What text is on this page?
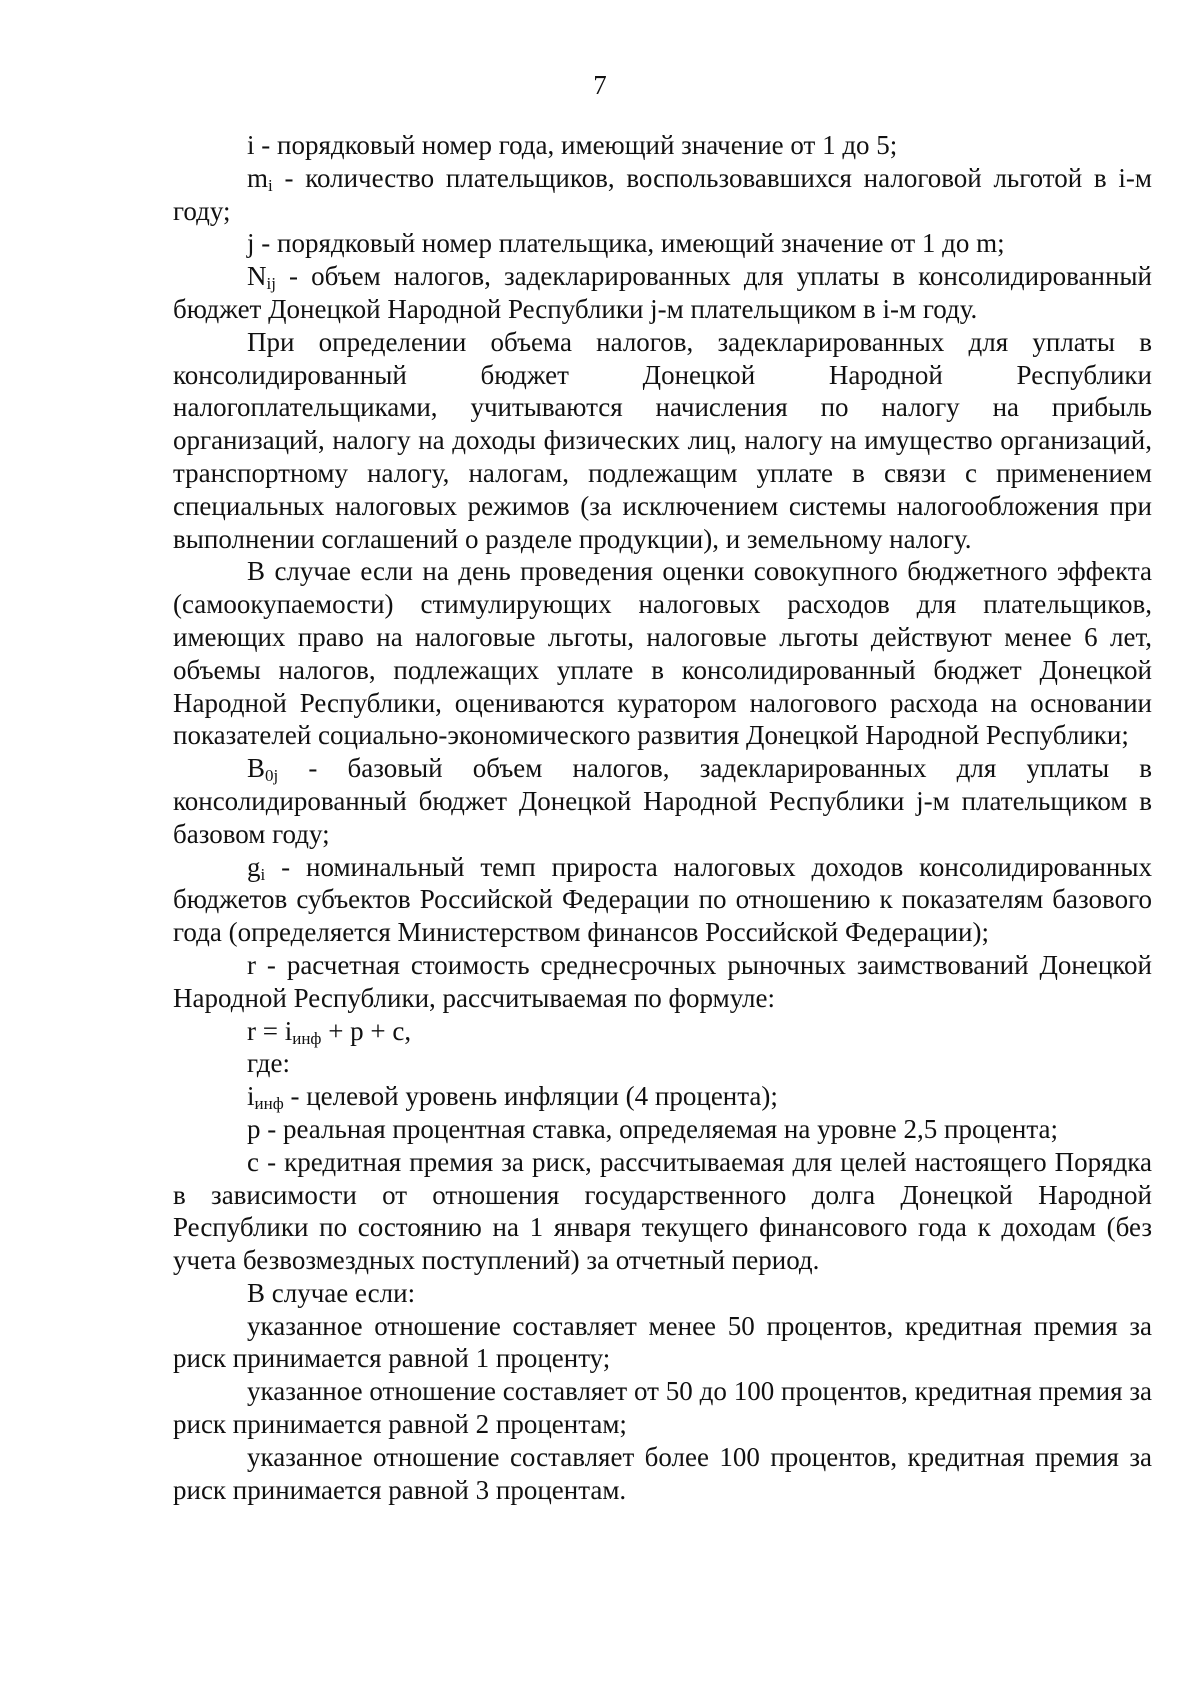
7

i - порядковый номер года, имеющий значение от 1 до 5;

$m_i$ - количество плательщиков, воспользовавшихся налоговой льготой в i-м году;

j - порядковый номер плательщика, имеющий значение от 1 до m;

$N_{ij}$ - объем налогов, задекларированных для уплаты в консолидированный бюджет Донецкой Народной Республики j-м плательщиком в i-м году.

При определении объема налогов, задекларированных для уплаты в консолидированный бюджет Донецкой Народной Республики налогоплательщиками, учитываются начисления по налогу на прибыль организаций, налогу на доходы физических лиц, налогу на имущество организаций, транспортному налогу, налогам, подлежащим уплате в связи с применением специальных налоговых режимов (за исключением системы налогообложения при выполнении соглашений о разделе продукции), и земельному налогу.

В случае если на день проведения оценки совокупного бюджетного эффекта (самоокупаемости) стимулирующих налоговых расходов для плательщиков, имеющих право на налоговые льготы, налоговые льготы действуют менее 6 лет, объемы налогов, подлежащих уплате в консолидированный бюджет Донецкой Народной Республики, оцениваются куратором налогового расхода на основании показателей социально-экономического развития Донецкой Народной Республики;

$B_{0j}$ - базовый объем налогов, задекларированных для уплаты в консолидированный бюджет Донецкой Народной Республики j-м плательщиком в базовом году;

$g_i$ - номинальный темп прироста налоговых доходов консолидированных бюджетов субъектов Российской Федерации по отношению к показателям базового года (определяется Министерством финансов Российской Федерации);

r - расчетная стоимость среднесрочных рыночных заимствований Донецкой Народной Республики, рассчитываемая по формуле:

$r = i_{инф} + p + c$,

где:

$i_{инф}$ - целевой уровень инфляции (4 процента);

p - реальная процентная ставка, определяемая на уровне 2,5 процента;

c - кредитная премия за риск, рассчитываемая для целей настоящего Порядка в зависимости от отношения государственного долга Донецкой Народной Республики по состоянию на 1 января текущего финансового года к доходам (без учета безвозмездных поступлений) за отчетный период.

В случае если:

указанное отношение составляет менее 50 процентов, кредитная премия за риск принимается равной 1 проценту;

указанное отношение составляет от 50 до 100 процентов, кредитная премия за риск принимается равной 2 процентам;

указанное отношение составляет более 100 процентов, кредитная премия за риск принимается равной 3 процентам.
